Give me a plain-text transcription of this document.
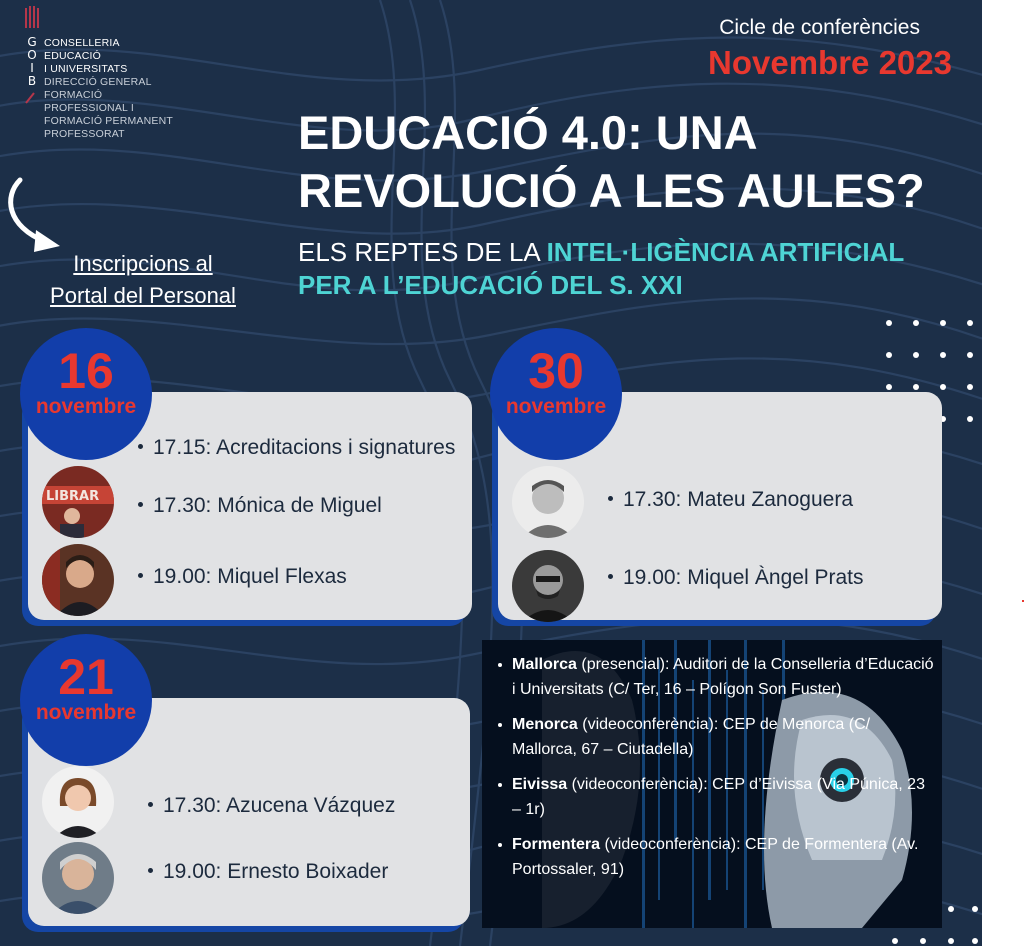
G
O
I
B
CONSELLERIA
EDUCACIÓ
I UNIVERSITATS
DIRECCIÓ GENERAL
FORMACIÓ
PROFESSIONAL I
FORMACIÓ PERMANENT
PROFESSORAT
Cicle de conferències
Novembre 2023
EDUCACIÓ 4.0: UNA
REVOLUCIÓ A LES AULES?
ELS REPTES DE LA INTEL·LIGÈNCIA ARTIFICIAL
PER A L’EDUCACIÓ DEL S. XXI
Inscripcions al
Portal del Personal
16
novembre
17.15: Acreditacions i signatures
LIBRAR	17.30: Mónica de Miguel
19.00: Miquel Flexas
30
novembre
17.30: Mateu Zanoguera
19.00: Miquel Àngel Prats
21
novembre
17.30: Azucena Vázquez
19.00: Ernesto Boixader
Mallorca (presencial): Auditori de la Conselleria d’Educació i Universitats (C/ Ter, 16 – Polígon Son Fuster)
Menorca (videoconferència): CEP de Menorca (C/ Mallorca, 67 – Ciutadella)
Eivissa (videoconferència): CEP d’Eivissa (Via Púnica, 23 – 1r)
Formentera (videoconferència): CEP de Formentera (Av. Portossaler, 91)
